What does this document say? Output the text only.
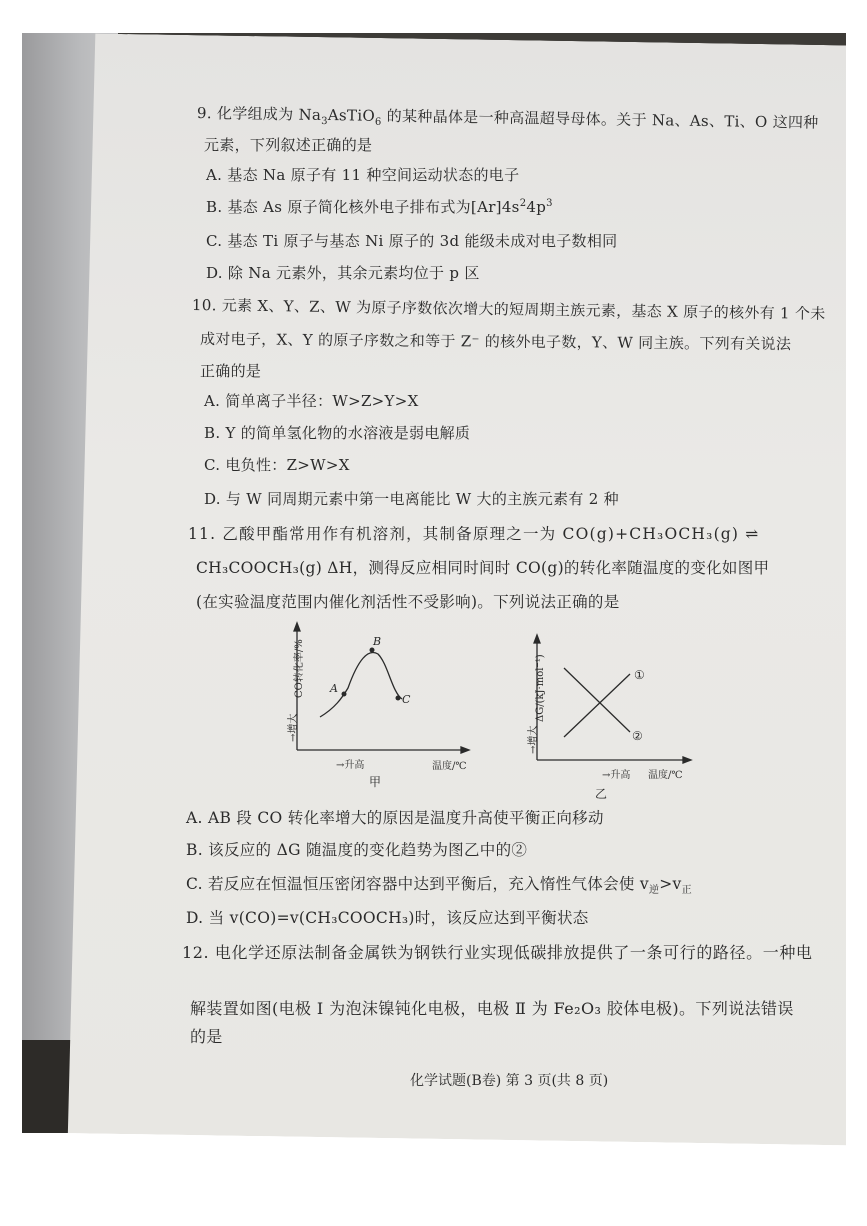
9. 化学组成为 $Na_3AsTiO_6$ 的某种晶体是一种高温超导母体。关于 Na、As、Ti、O 这四种
元素，下列叙述正确的是
A. 基态 Na 原子有 11 种空间运动状态的电子
B. 基态 As 原子简化核外电子排布式为$[Ar]4s^24p^3$
C. 基态 Ti 原子与基态 Ni 原子的 3d 能级未成对电子数相同
D. 除 Na 元素外，其余元素均位于 p 区
10. 元素 X、Y、Z、W 为原子序数依次增大的短周期主族元素，基态 X 原子的核外有 1 个未
成对电子，X、Y 的原子序数之和等于 Z⁻ 的核外电子数，Y、W 同主族。下列有关说法
正确的是
A. 简单离子半径：W>Z>Y>X
B. Y 的简单氢化物的水溶液是弱电解质
C. 电负性：Z>W>X
D. 与 W 同周期元素中第一电离能比 W 大的主族元素有 2 种
11. 乙酸甲酯常用作有机溶剂，其制备原理之一为 CO(g)+CH₃OCH₃(g) ⇌
CH₃COOCH₃(g) ΔH，测得反应相同时间时 CO(g)的转化率随温度的变化如图甲
(在实验温度范围内催化剂活性不受影响)。下列说法正确的是
A
B
C
CO转化率/%
→增大
→升高	温度/℃
甲
①
②
ΔG/(kJ·mol⁻¹)
→增大
→升高 温度/℃
乙
A. AB 段 CO 转化率增大的原因是温度升高使平衡正向移动
B. 该反应的 ΔG 随温度的变化趋势为图乙中的②
C. 若反应在恒温恒压密闭容器中达到平衡后，充入惰性气体会使 $v_逆>v_正$
D. 当 v(CO)=v(CH₃COOCH₃)时，该反应达到平衡状态
12. 电化学还原法制备金属铁为钢铁行业实现低碳排放提供了一条可行的路径。一种电
解装置如图(电极 Ⅰ 为泡沫镍钝化电极，电极 Ⅱ 为 Fe₂O₃ 胶体电极)。下列说法错误
的是
化学试题(B卷) 第 3 页(共 8 页)
